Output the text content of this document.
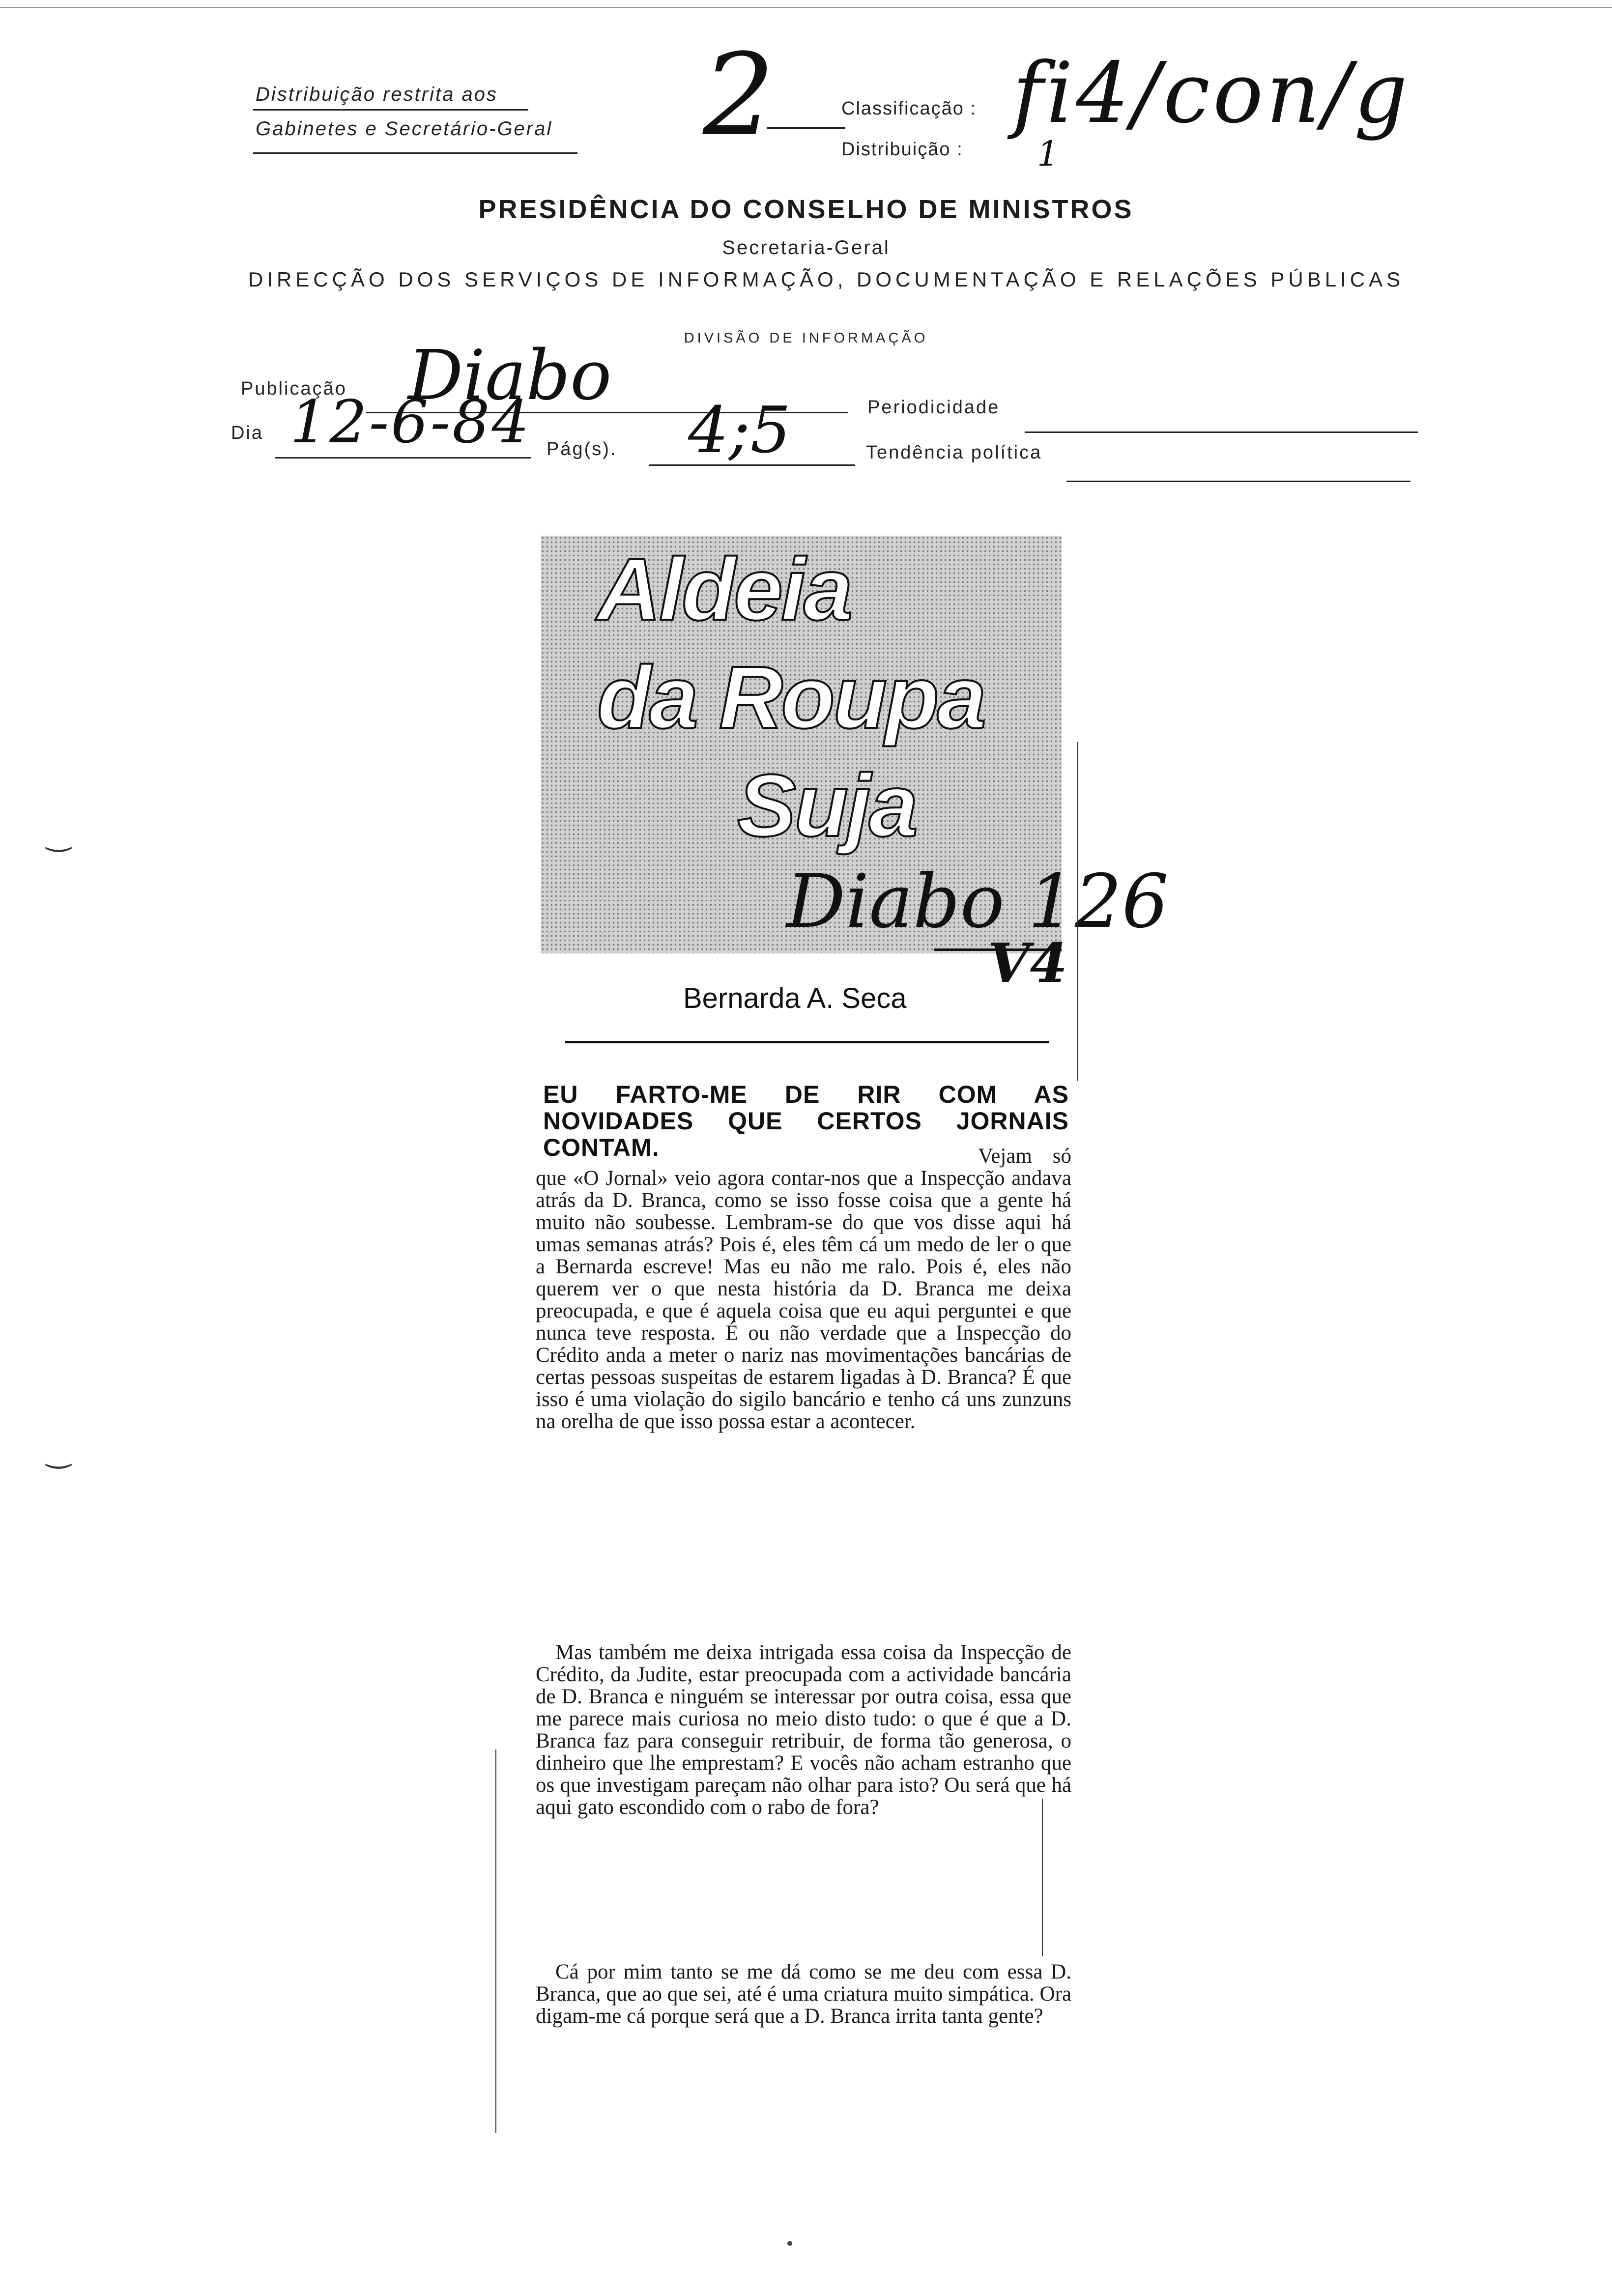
Distribuição restrita aos
Gabinetes e Secretário-Geral 2	Classificação : fi4/con/g
Distribuição : 1
PRESIDÊNCIA DO CONSELHO DE MINISTROS
Secretaria-Geral
DIRECÇÃO DOS SERVIÇOS DE INFORMAÇÃO, DOCUMENTAÇÃO E RELAÇÕES PÚBLICAS
DIVISÃO DE INFORMAÇÃO
Publicação Diabo	Periodicidade
Dia 12-6-84 Pág(s). 4;5	Tendência política
Aldeia
da Roupa
Suja
Diabo 126
V4
Bernarda A. Seca
EU FARTO-ME DE RIR COM AS NOVIDADES QUE CERTOS JORNAIS CONTAM.	Vejam só que «O Jornal» veio agora contar-nos que a Inspecção andava atrás da D. Branca, como se isso fosse coisa que a gente há muito não soubesse. Lembram-se do que vos disse aqui há umas semanas atrás? Pois é, eles têm cá um medo de ler o que a Bernarda escreve! Mas eu não me ralo. Pois é, eles não querem ver o que nesta história da D. Branca me deixa preocupada, e que é aquela coisa que eu aqui perguntei e que nunca teve resposta. É ou não verdade que a Inspecção do Crédito anda a meter o nariz nas movimentações bancárias de certas pessoas suspeitas de estarem ligadas à D. Branca? É que isso é uma violação do sigilo bancário e tenho cá uns zunzuns na orelha de que isso possa estar a acontecer.
Mas também me deixa intrigada essa coisa da Inspecção de Crédito, da Judite, estar preocupada com a actividade bancária de D. Branca e ninguém se interessar por outra coisa, essa que me parece mais curiosa no meio disto tudo: o que é que a D. Branca faz para conseguir retribuir, de forma tão generosa, o dinheiro que lhe emprestam? E vocês não acham estranho que os que investigam pareçam não olhar para isto? Ou será que há aqui gato escondido com o rabo de fora?
Cá por mim tanto se me dá como se me deu com essa D. Branca, que ao que sei, até é uma criatura muito simpática. Ora digam-me cá porque será que a D. Branca irrita tanta gente?
‿
‿
